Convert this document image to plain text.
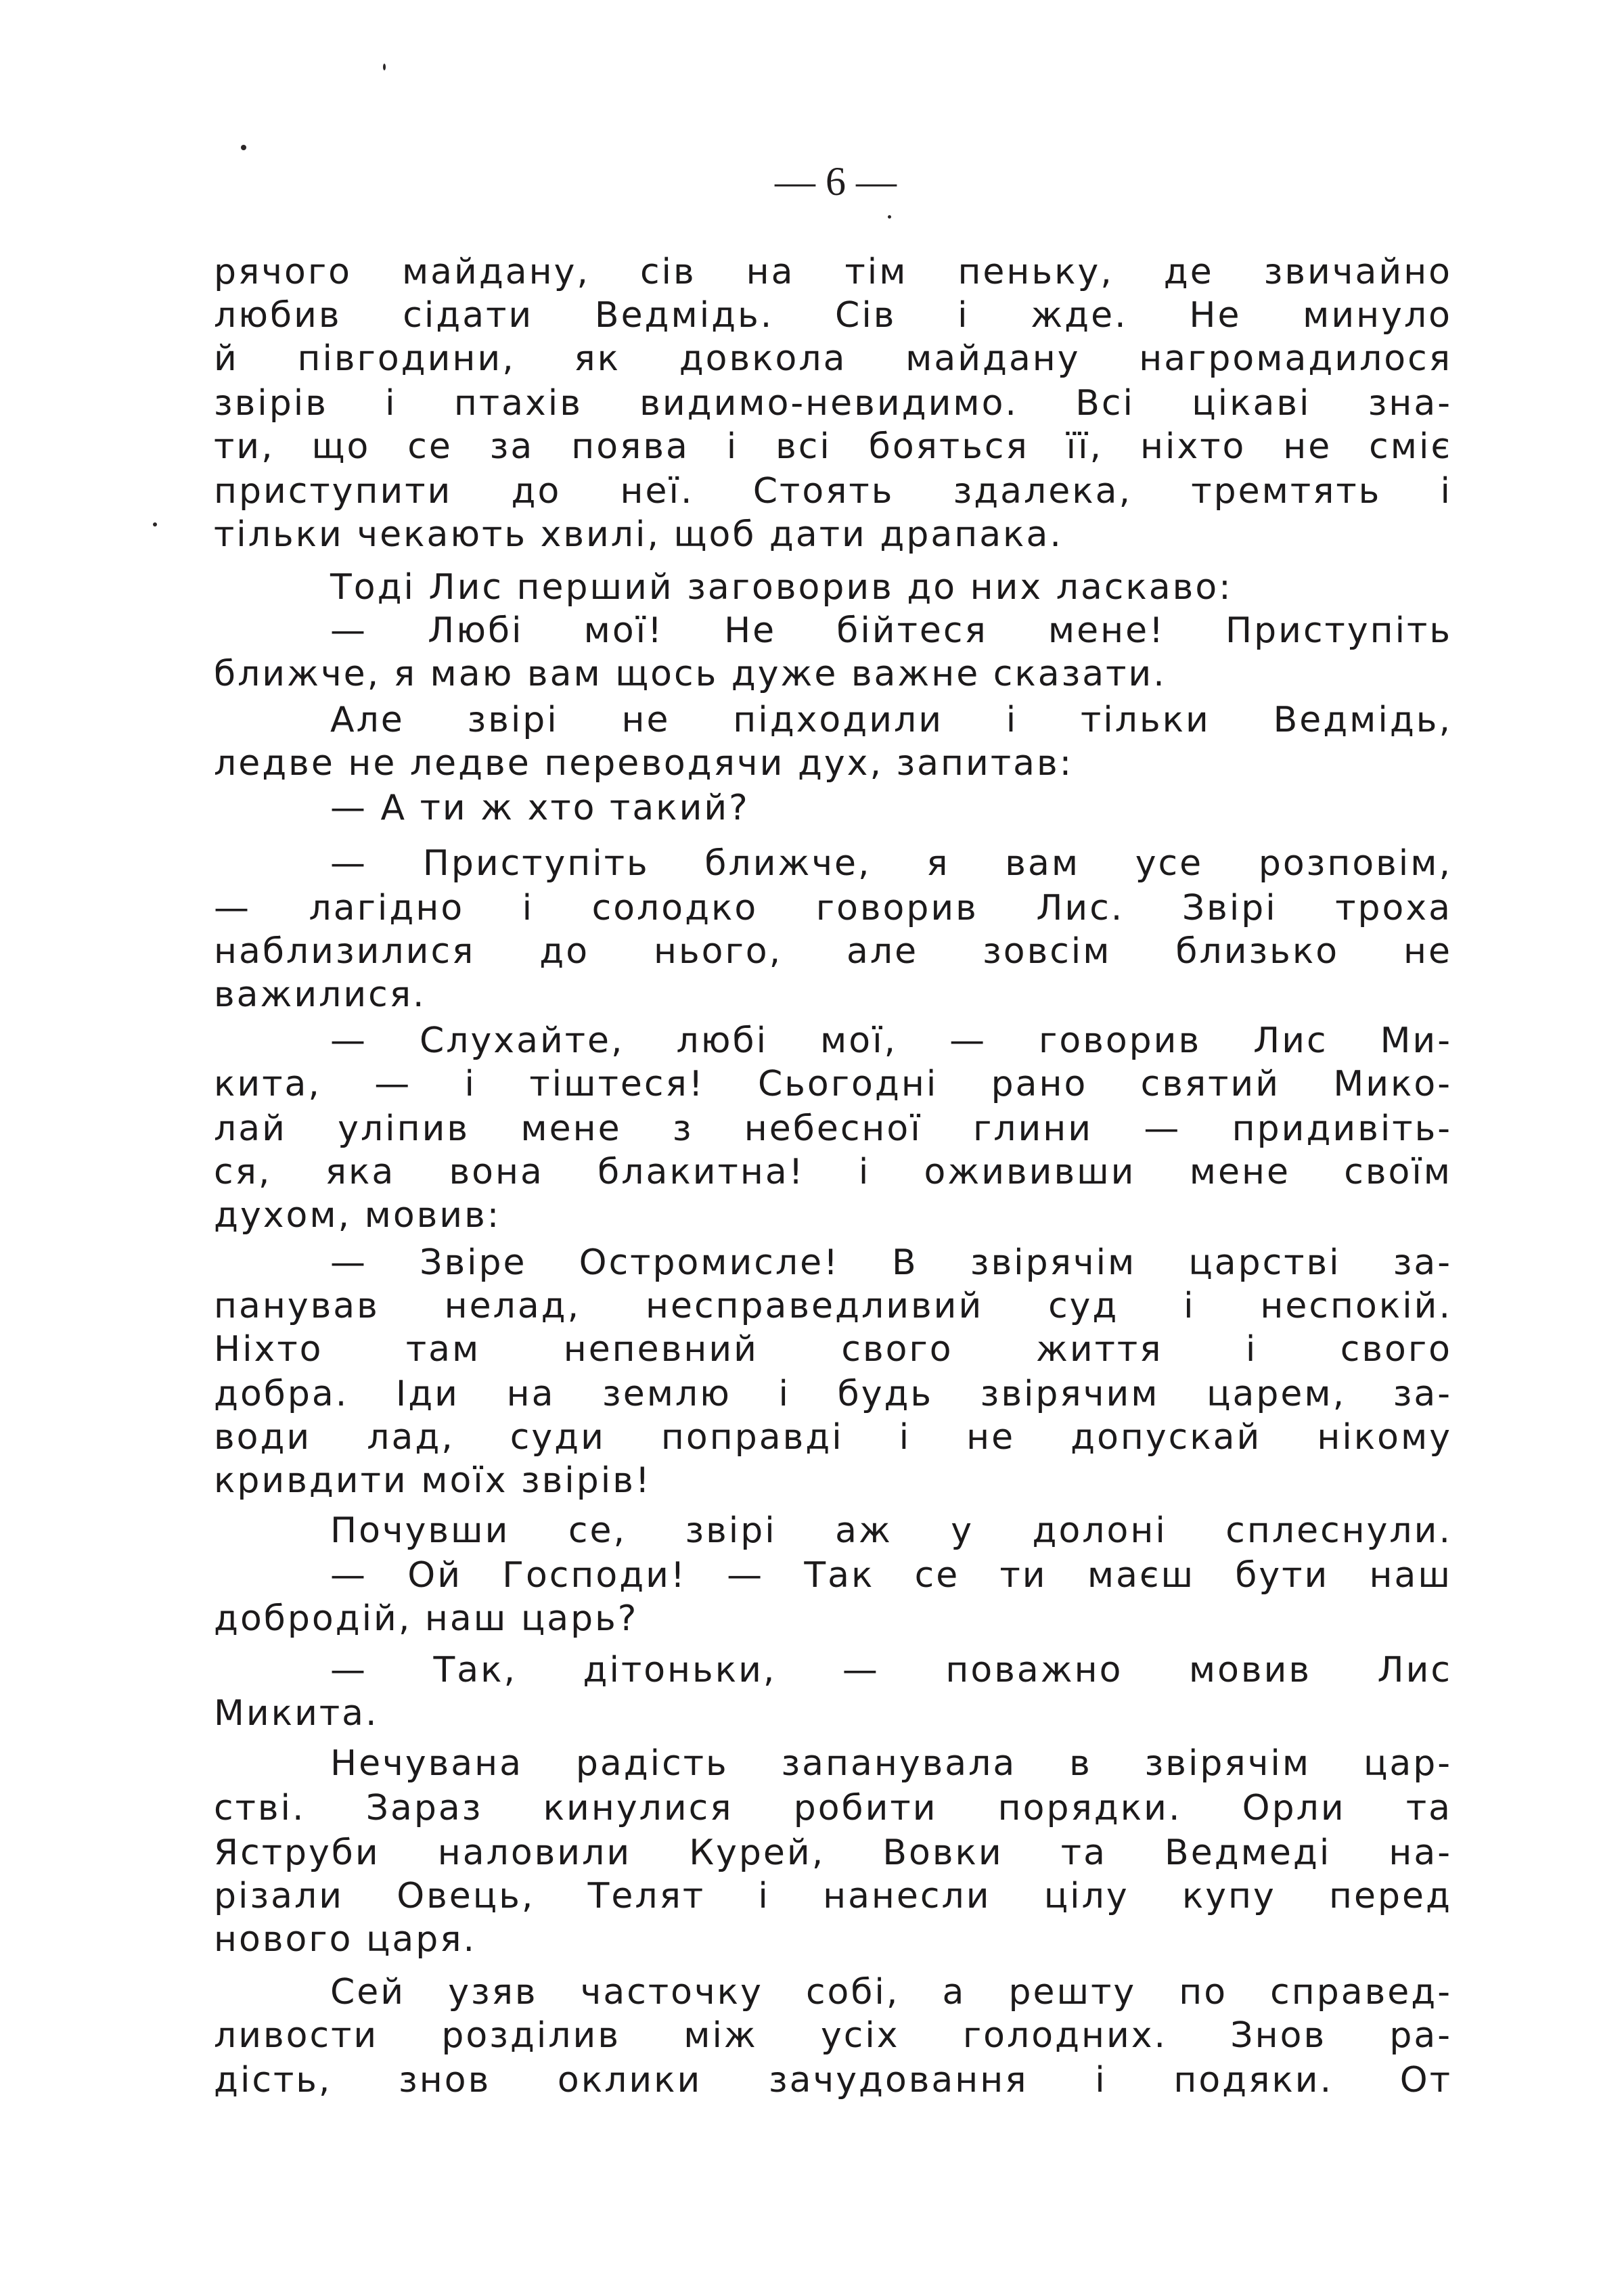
— 6 —
рячого майдану, сів на тім пеньку, де звичайно
любив сідати Ведмідь. Сів і жде. Не минуло
й півгодини, як довкола майдану нагромадилося
звірів і птахів видимо-невидимо. Всі цікаві зна-
ти, що се за поява і всі бояться її, ніхто не сміє
приступити до неї. Стоять здалека, тремтять і
тільки чекають хвилі, щоб дати драпака.
Тоді Лис перший заговорив до них ласкаво:
— Любі мої! Не бійтеся мене! Приступіть
ближче, я маю вам щось дуже важне сказати.
Але звірі не підходили і тільки Ведмідь,
ледве не ледве переводячи дух, запитав:
— А ти ж хто такий?
— Приступіть ближче, я вам усе розповім,
— лагідно і солодко говорив Лис. Звірі троха
наблизилися до нього, але зовсім близько не
важилися.
— Слухайте, любі мої, — говорив Лис Ми-
кита, — і тіштеся! Сьогодні рано святий Мико-
лай уліпив мене з небесної глини — придивіть-
ся, яка вона блакитна! і ожививши мене своїм
духом, мовив:
— Звіре Остромисле! В звірячім царстві за-
панував нелад, несправедливий суд і неспокій.
Ніхто там непевний свого життя і свого
добра. Іди на землю і будь звірячим царем, за-
води лад, суди поправді і не допускай нікому
кривдити моїх звірів!
Почувши се, звірі аж у долоні сплеснули.
— Ой Господи! — Так се ти маєш бути наш
добродій, наш царь?
— Так, дітоньки, — поважно мовив Лис
Микита.
Нечувана радість запанувала в звірячім цар-
стві. Зараз кинулися робити порядки. Орли та
Яструби наловили Курей, Вовки та Ведмеді на-
різали Овець, Телят і нанесли цілу купу перед
нового царя.
Сей узяв часточку собі, а решту по справед-
ливости розділив між усіх голодних. Знов ра-
дість, знов оклики зачудовання і подяки. От
